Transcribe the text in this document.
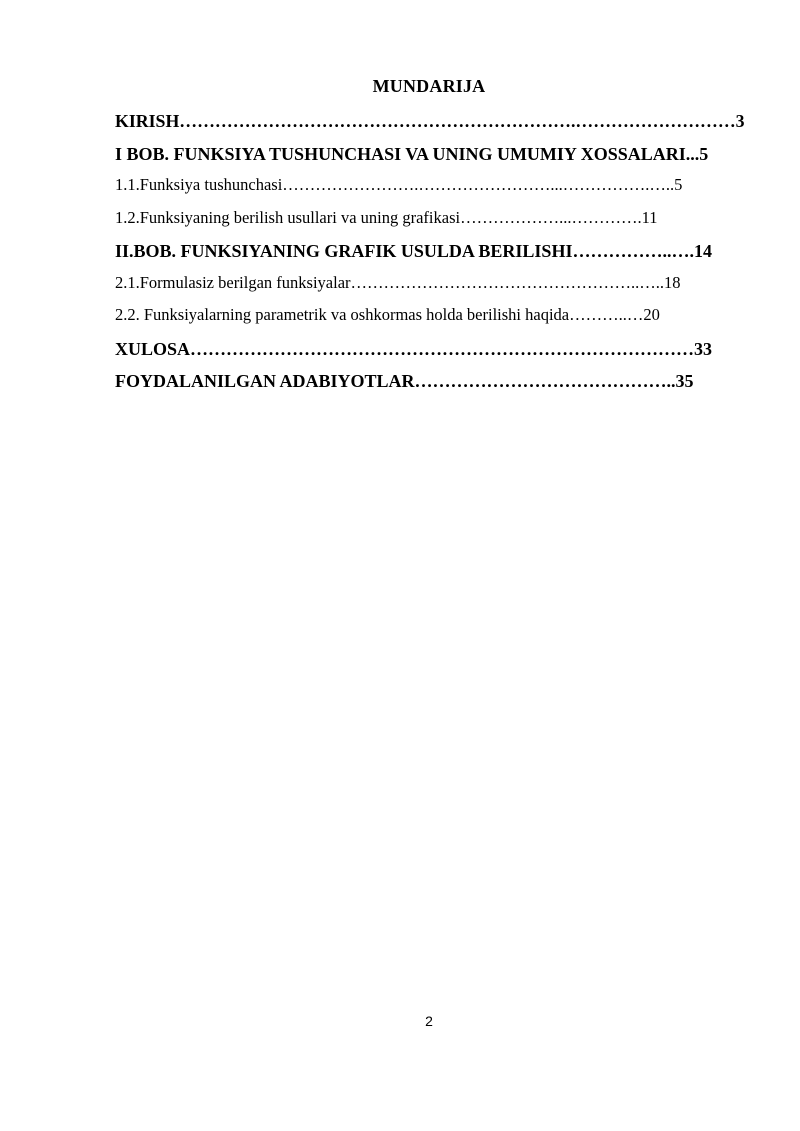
MUNDARIJA
KIRISH………………………………………………………….………………………3
I BOB. FUNKSIYA TUSHUNCHASI VA UNING UMUMIY XOSSALARI...5
1.1.Funksiya tushunchasi…………………….……………………...…………….…..5
1.2.Funksiyaning berilish usullari va uning grafikasi………………...………….11
II.BOB. FUNKSIYANING GRAFIK USULDA BERILISHI……………..….14
2.1.Formulasiz berilgan funksiyalar……………………………………………..…..18
2.2. Funksiyalarning parametrik va oshkormas holda berilishi haqida………..…20
XULOSA…………………………………………………………………………33
FOYDALANILGAN ADABIYOTLAR……………………………………..35
2
